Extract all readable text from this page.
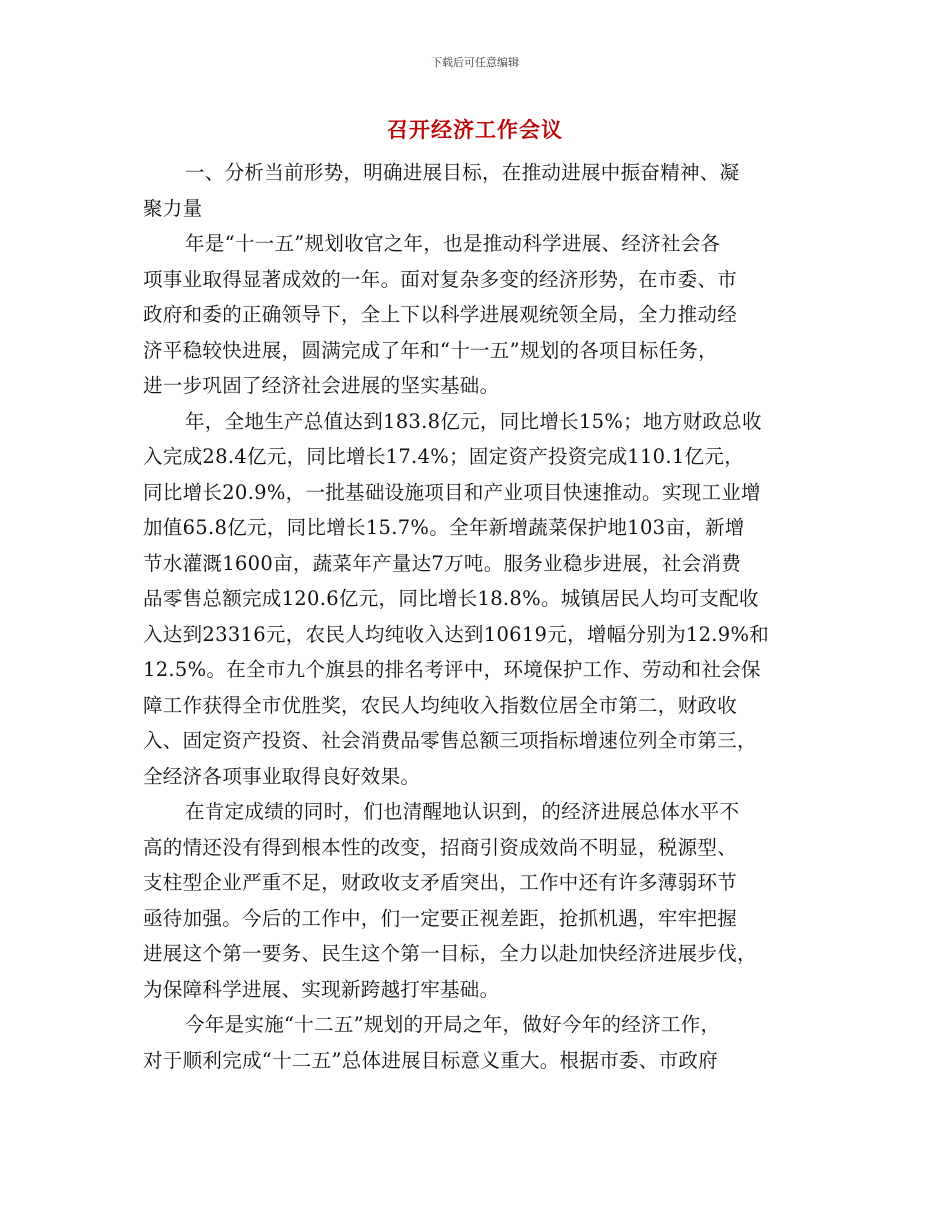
下载后可任意编辑
召开经济工作会议
一、分析当前形势，明确进展目标，在推动进展中振奋精神、凝
聚力量
年是“十一五”规划收官之年，也是推动科学进展、经济社会各
项事业取得显著成效的一年。面对复杂多变的经济形势，在市委、市
政府和委的正确领导下，全上下以科学进展观统领全局，全力推动经
济平稳较快进展，圆满完成了年和“十一五”规划的各项目标任务，
进一步巩固了经济社会进展的坚实基础。
年，全地生产总值达到183.8亿元，同比增长15%；地方财政总收
入完成28.4亿元，同比增长17.4%；固定资产投资完成110.1亿元，
同比增长20.9%，一批基础设施项目和产业项目快速推动。实现工业增
加值65.8亿元，同比增长15.7%。全年新增蔬菜保护地103亩，新增
节水灌溉1600亩，蔬菜年产量达7万吨。服务业稳步进展，社会消费
品零售总额完成120.6亿元，同比增长18.8%。城镇居民人均可支配收
入达到23316元，农民人均纯收入达到10619元，增幅分别为12.9%和
12.5%。在全市九个旗县的排名考评中，环境保护工作、劳动和社会保
障工作获得全市优胜奖，农民人均纯收入指数位居全市第二，财政收
入、固定资产投资、社会消费品零售总额三项指标增速位列全市第三，
全经济各项事业取得良好效果。
在肯定成绩的同时，们也清醒地认识到，的经济进展总体水平不
高的情还没有得到根本性的改变，招商引资成效尚不明显，税源型、
支柱型企业严重不足，财政收支矛盾突出，工作中还有许多薄弱环节
亟待加强。今后的工作中，们一定要正视差距，抢抓机遇，牢牢把握
进展这个第一要务、民生这个第一目标，全力以赴加快经济进展步伐，
为保障科学进展、实现新跨越打牢基础。
今年是实施“十二五”规划的开局之年，做好今年的经济工作，
对于顺利完成“十二五”总体进展目标意义重大。根据市委、市政府
